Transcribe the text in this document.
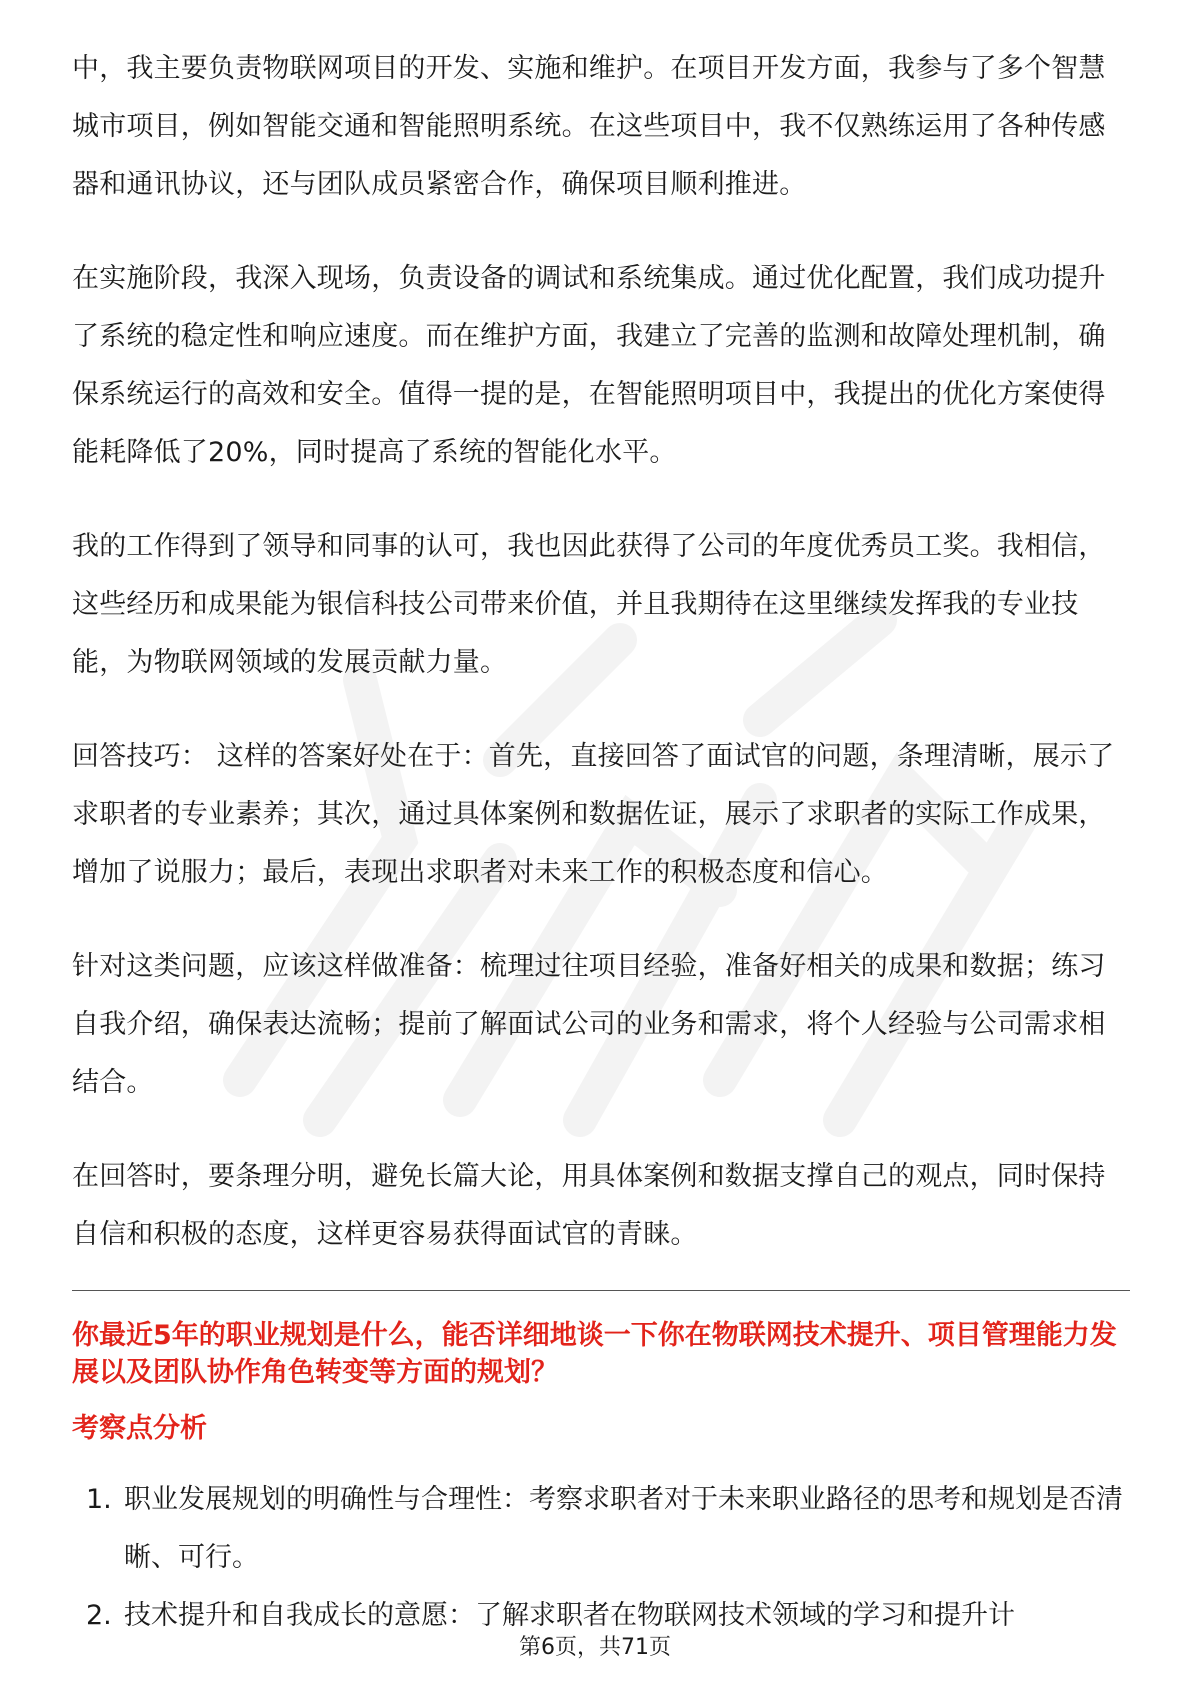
中，我主要负责物联网项目的开发、实施和维护。在项目开发方面，我参与了多个智慧城市项目，例如智能交通和智能照明系统。在这些项目中，我不仅熟练运用了各种传感器和通讯协议，还与团队成员紧密合作，确保项目顺利推进。

在实施阶段，我深入现场，负责设备的调试和系统集成。通过优化配置，我们成功提升了系统的稳定性和响应速度。而在维护方面，我建立了完善的监测和故障处理机制，确保系统运行的高效和安全。值得一提的是，在智能照明项目中，我提出的优化方案使得能耗降低了20%，同时提高了系统的智能化水平。

我的工作得到了领导和同事的认可，我也因此获得了公司的年度优秀员工奖。我相信，这些经历和成果能为银信科技公司带来价值，并且我期待在这里继续发挥我的专业技能，为物联网领域的发展贡献力量。

回答技巧： 这样的答案好处在于：首先，直接回答了面试官的问题，条理清晰，展示了求职者的专业素养；其次，通过具体案例和数据佐证，展示了求职者的实际工作成果，增加了说服力；最后，表现出求职者对未来工作的积极态度和信心。

针对这类问题，应该这样做准备：梳理过往项目经验，准备好相关的成果和数据；练习自我介绍，确保表达流畅；提前了解面试公司的业务和需求，将个人经验与公司需求相结合。

在回答时，要条理分明，避免长篇大论，用具体案例和数据支撑自己的观点，同时保持自信和积极的态度，这样更容易获得面试官的青睐。

你最近5年的职业规划是什么，能否详细地谈一下你在物联网技术提升、项目管理能力发展以及团队协作角色转变等方面的规划？
考察点分析
1. 职业发展规划的明确性与合理性：考察求职者对于未来职业路径的思考和规划是否清晰、可行。
2. 技术提升和自我成长的意愿：了解求职者在物联网技术领域的学习和提升计
第6页，共71页
